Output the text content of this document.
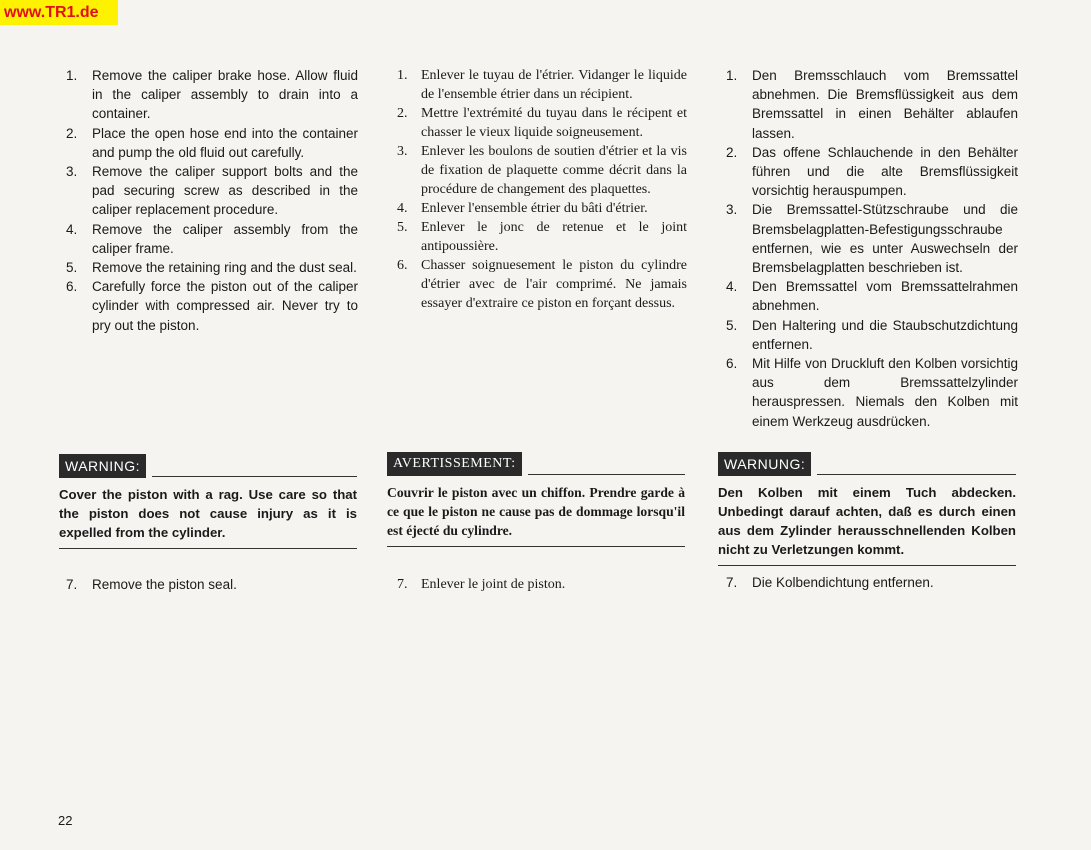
www.TR1.de
1.	Remove the caliper brake hose. Allow fluid in the caliper assembly to drain into a container.
2.	Place the open hose end into the container and pump the old fluid out carefully.
3.	Remove the caliper support bolts and the pad securing screw as described in the caliper replacement procedure.
4.	Remove the caliper assembly from the caliper frame.
5.	Remove the retaining ring and the dust seal.
6.	Carefully force the piston out of the caliper cylinder with compressed air. Never try to pry out the piston.
1. Enlever le tuyau de l'étrier. Vidanger le liquide de l'ensemble étrier dans un récipient.
2. Mettre l'extrémité du tuyau dans le récipent et chasser le vieux liquide soigneusement.
3. Enlever les boulons de soutien d'étrier et la vis de fixation de plaquette comme décrit dans la procédure de changement des plaquettes.
4. Enlever l'ensemble étrier du bâti d'étrier.
5. Enlever le jonc de retenue et le joint antipoussière.
6. Chasser soignuesement le piston du cylindre d'étrier avec de l'air comprimé. Ne jamais essayer d'extraire ce piston en forçant dessus.
1.	Den Bremsschlauch vom Bremssattel abnehmen. Die Bremsflüssigkeit aus dem Bremssattel in einen Behälter ablaufen lassen.
2.	Das offene Schlauchende in den Behälter führen und die alte Bremsflüssigkeit vorsichtig herauspumpen.
3.	Die Bremssattel-Stützschraube und die Bremsbelagplatten-Befestigungsschraube entfernen, wie es unter Auswechseln der Bremsbelagplatten beschrieben ist.
4.	Den Bremssattel vom Bremssattelrahmen abnehmen.
5.	Den Haltering und die Staubschutzdichtung entfernen.
6.	Mit Hilfe von Druckluft den Kolben vorsichtig aus dem Bremssattelzylinder herauspressen. Niemals den Kolben mit einem Werkzeug ausdrücken.
WARNING:
Cover the piston with a rag. Use care so that the piston does not cause injury as it is expelled from the cylinder.
AVERTISSEMENT:
Couvrir le piston avec un chiffon. Prendre garde à ce que le piston ne cause pas de dommage lorsqu'il est éjecté du cylindre.
WARNUNG:
Den Kolben mit einem Tuch abdecken. Unbedingt darauf achten, daß es durch einen aus dem Zylinder herausschnellenden Kolben nicht zu Verletzungen kommt.
7.	Remove the piston seal.	7. Enlever le joint de piston.	7.	Die Kolbendichtung entfernen.
22
